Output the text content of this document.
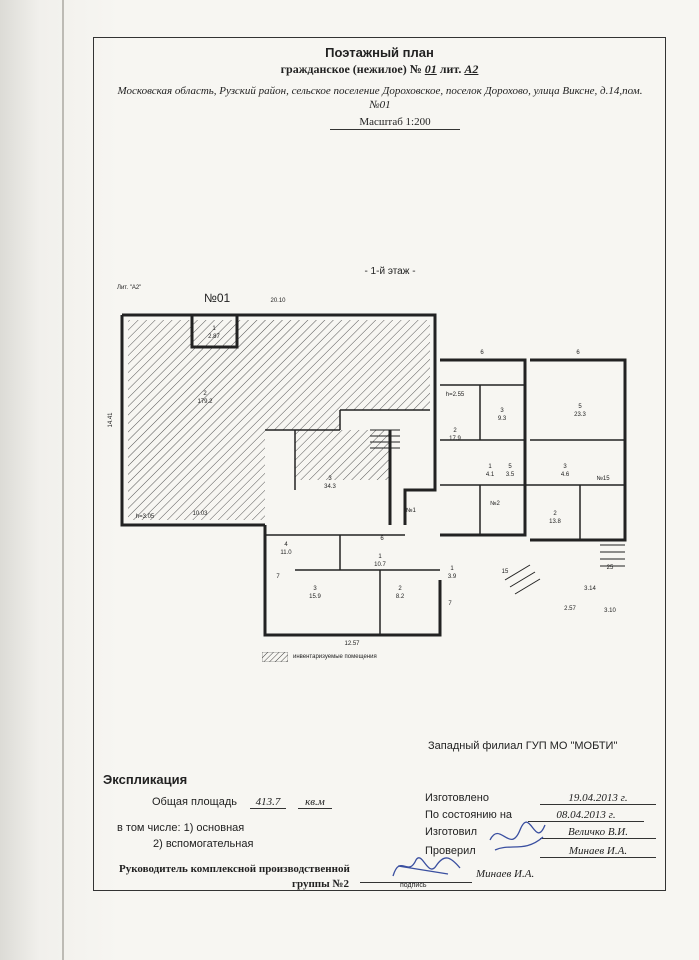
Поэтажный план
гражданское (нежилое) № 01 лит. А2
Московская область, Рузский район, сельское поселение Дороховское, поселок Дорохово, улица Виксне, д.14,пом.№01
Масштаб 1:200
- 1-й этаж -
Лит. "А2"
№01
1
2.87
2
179.2
3
34.3
h=3.05
h=2.55
2
17.9
3
9.3
5
23.3
1
4.1
5
3.5
3
4.6
№2
№15
2
13.8
4
11.0
6
1
10.7
3
15.9
2
8.2
1
3.9
№1
7
7
15
25
20.10
14.41
10.03
12.57
6	6
2.57	3.10
3.14
инвентаризуемые помещения
Западный филиал ГУП МО "МОБТИ"
Экспликация
Общая площадь	413.7	кв.м
в том числе: 1) основная
2) вспомогательная
Руководитель комплексной производственной
группы №2	подпись
Минаев И.А.
Изготовлено	19.04.2013 г.
По состоянию на	08.04.2013 г.
Изготовил	Величко В.И.
Проверил	Минаев И.А.
